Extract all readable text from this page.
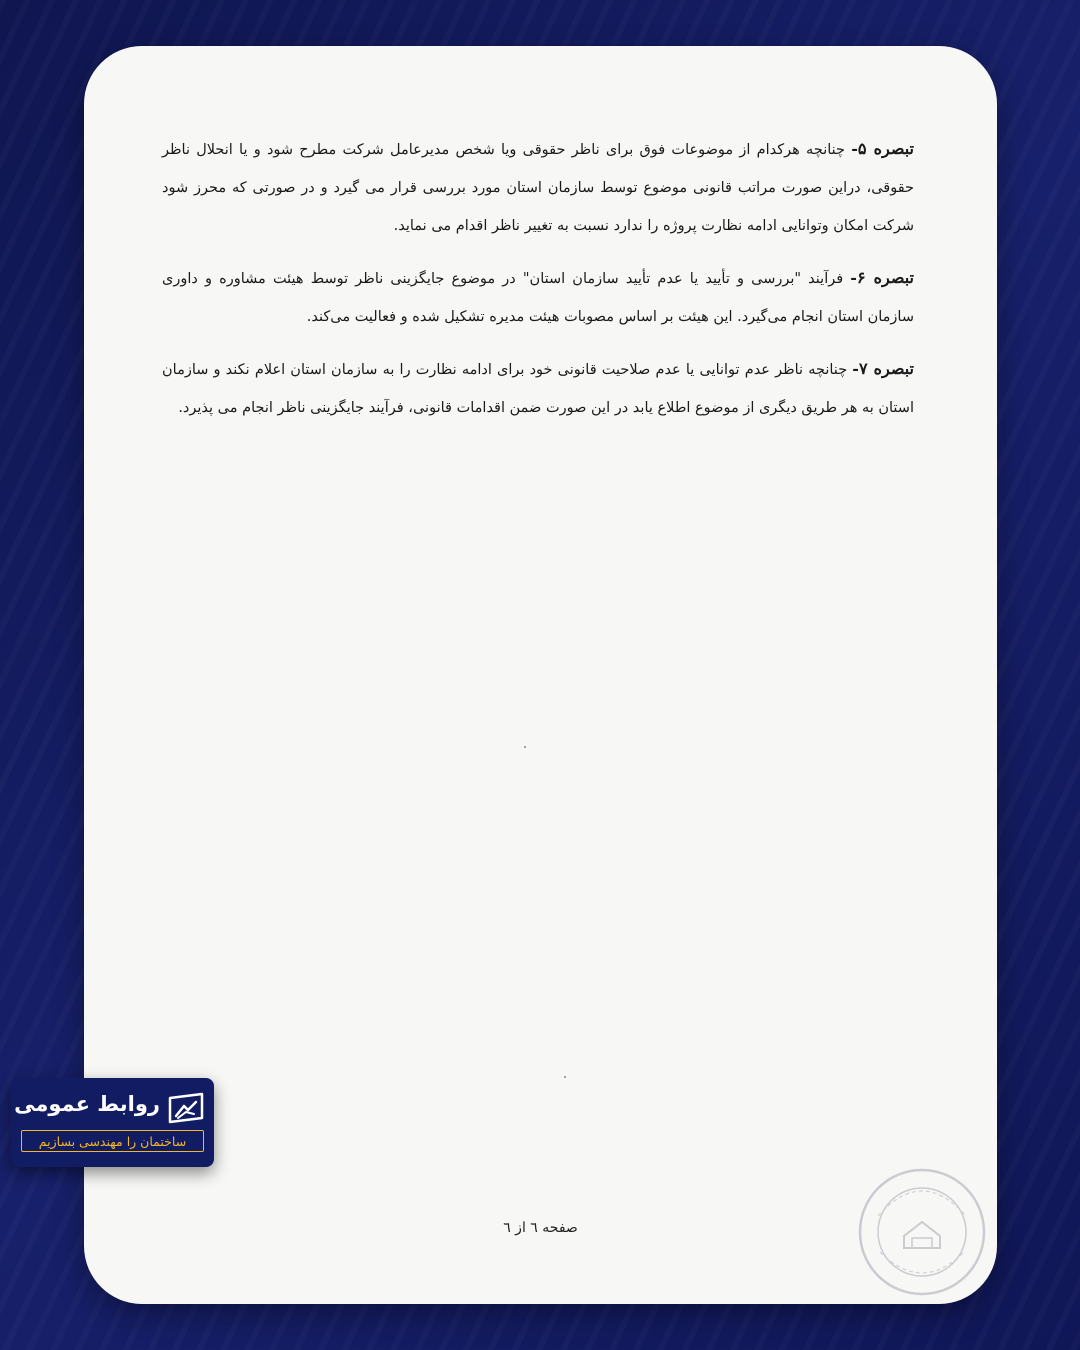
تبصره ۵- چنانچه هرکدام از موضوعات فوق برای ناظر حقوقی ویا شخص مدیرعامل شرکت مطرح شود و یا انحلال ناظر حقوقی، دراین صورت مراتب قانونی موضوع توسط سازمان استان مورد بررسی قرار می گیرد و در صورتی که محرز شود شرکت امکان وتوانایی ادامه نظارت پروژه را ندارد نسبت به تغییر ناظر اقدام می نماید.

تبصره ۶- فرآیند "بررسی و تأیید یا عدم تأیید سازمان استان" در موضوع جایگزینی ناظر توسط هیئت مشاوره و داوری سازمان استان انجام می‌گیرد. این هیئت بر اساس مصوبات هیئت مدیره تشکیل شده و فعالیت می‌کند.

تبصره ۷- چنانچه ناظر عدم توانایی یا عدم صلاحیت قانونی خود برای ادامه نظارت را به سازمان استان اعلام نکند و سازمان استان به هر طریق دیگری از موضوع اطلاع یابد در این صورت ضمن اقدامات قانونی، فرآیند جایگزینی ناظر انجام می پذیرد.

صفحه ٦ از ٦
روابط عمومی
ساختمان را مهندسی بسازیم
